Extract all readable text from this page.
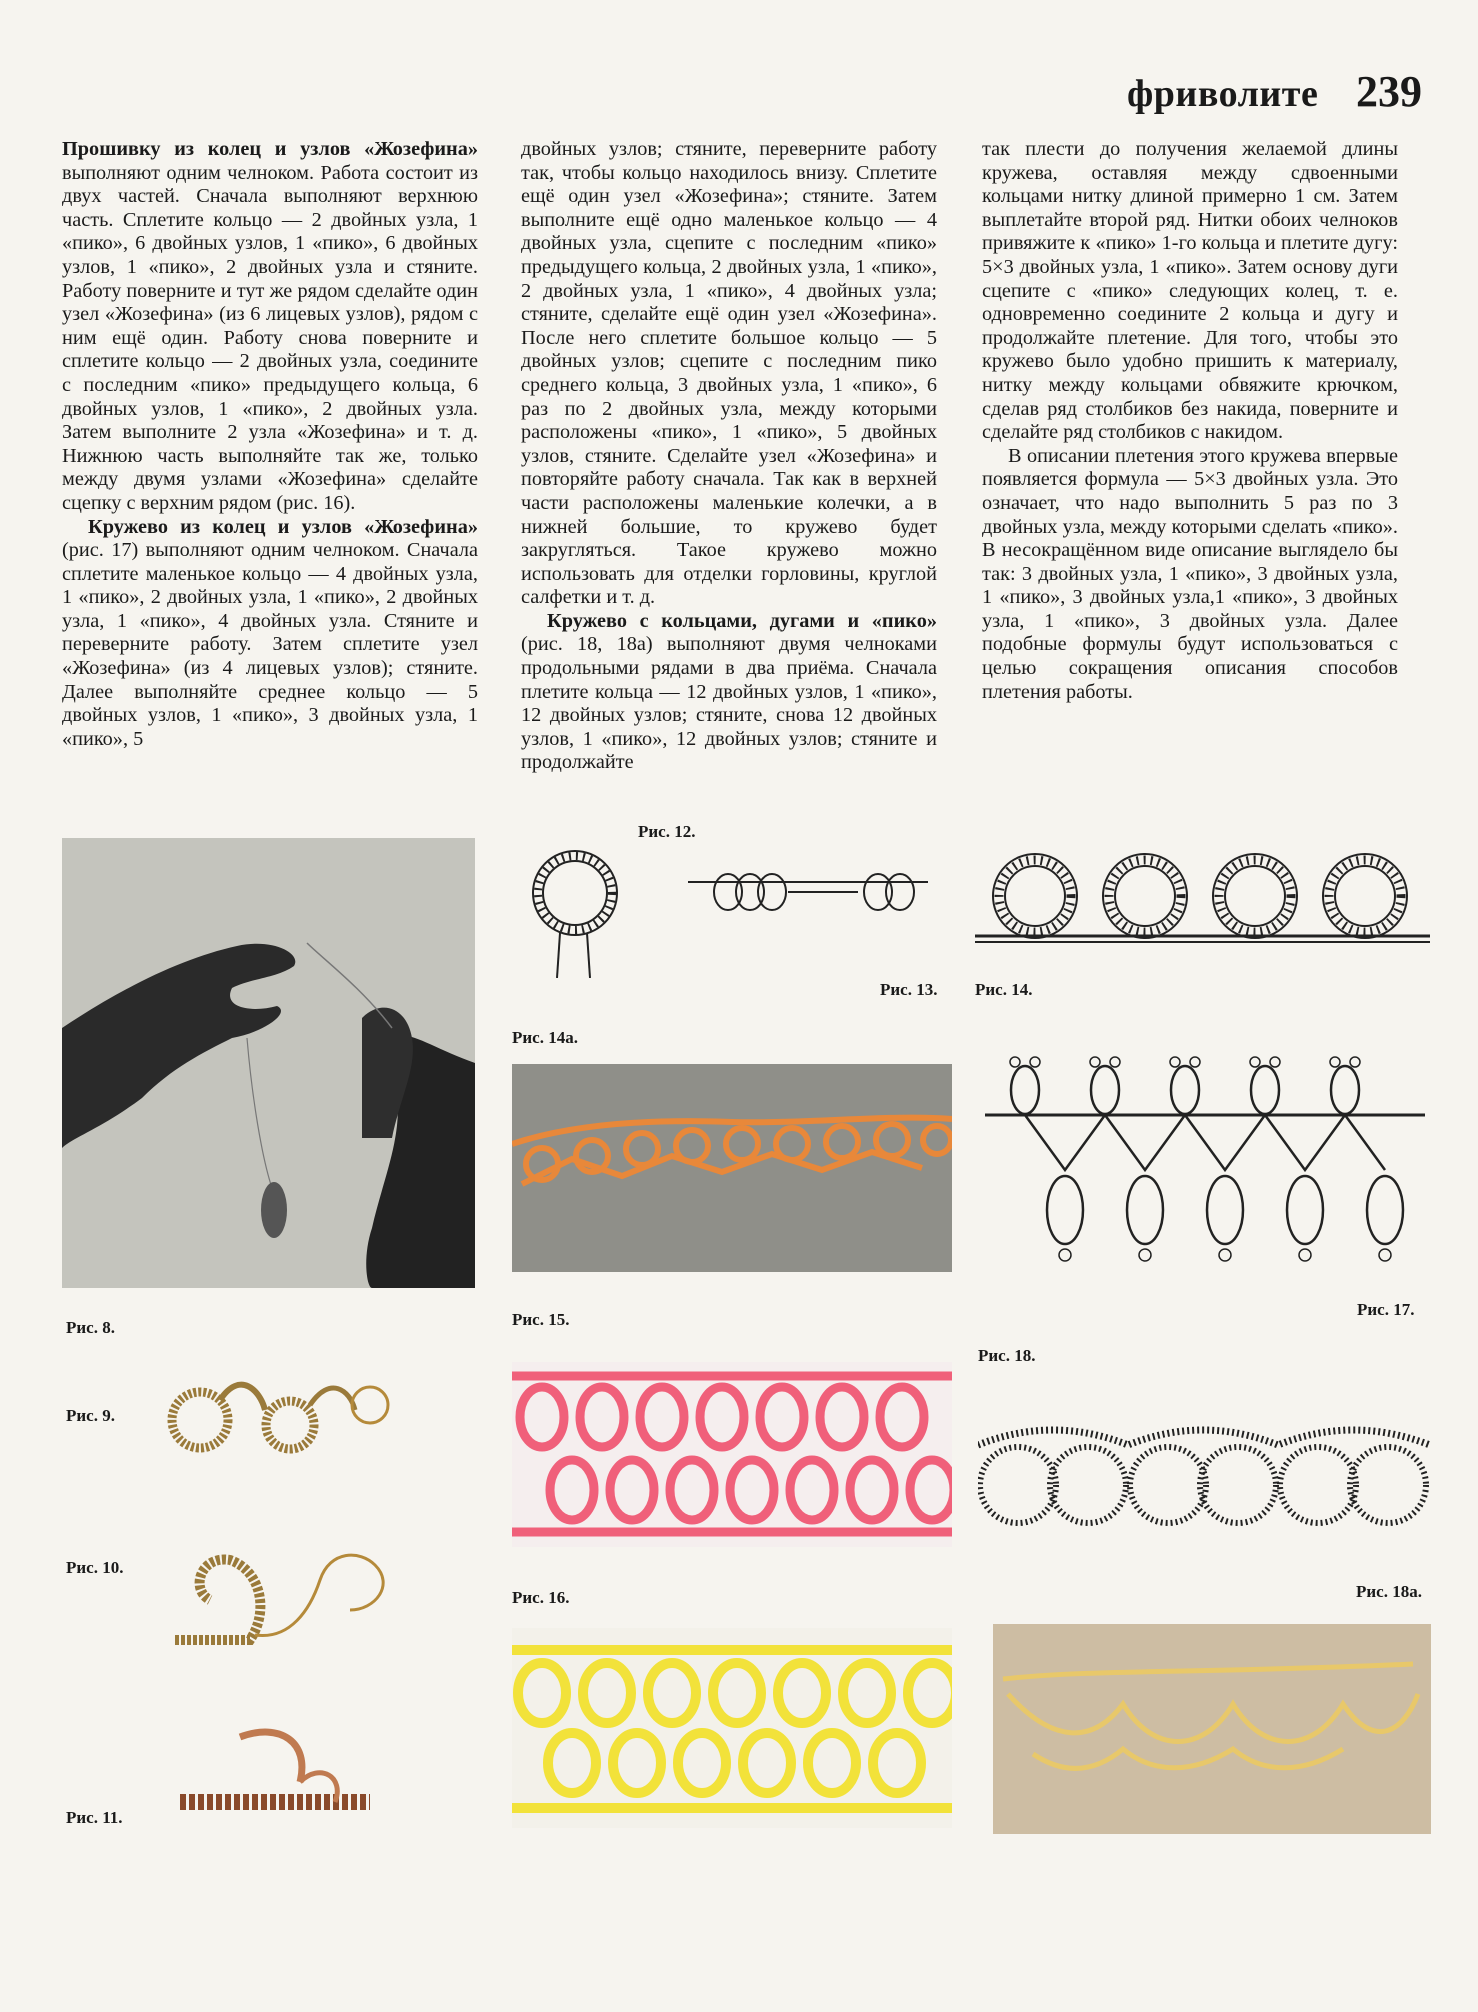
фриволите 239

Прошивку из колец и узлов «Жозефина» выполняют одним челноком. Работа состоит из двух частей. Сначала выполняют верхнюю часть. Сплетите кольцо — 2 двойных узла, 1 «пико», 6 двойных узлов, 1 «пико», 6 двойных узлов, 1 «пико», 2 двойных узла и стяните. Работу поверните и тут же рядом сделайте один узел «Жозефина» (из 6 лицевых узлов), рядом с ним ещё один. Работу снова поверните и сплетите кольцо — 2 двойных узла, соедините с последним «пико» предыдущего кольца, 6 двойных узлов, 1 «пико», 2 двойных узла. Затем выполните 2 узла «Жозефина» и т. д. Нижнюю часть выполняйте так же, только между двумя узлами «Жозефина» сделайте сцепку с верхним рядом (рис. 16).

Кружево из колец и узлов «Жозефина» (рис. 17) выполняют одним челноком. Сначала сплетите маленькое кольцо — 4 двойных узла, 1 «пико», 2 двойных узла, 1 «пико», 2 двойных узла, 1 «пико», 4 двойных узла. Стяните и переверните работу. Затем сплетите узел «Жозефина» (из 4 лицевых узлов); стяните. Далее выполняйте среднее кольцо — 5 двойных узлов, 1 «пико», 3 двойных узла, 1 «пико», 5

двойных узлов; стяните, переверните работу так, чтобы кольцо находилось внизу. Сплетите ещё один узел «Жозефина»; стяните. Затем выполните ещё одно маленькое кольцо — 4 двойных узла, сцепите с последним «пико» предыдущего кольца, 2 двойных узла, 1 «пико», 2 двойных узла, 1 «пико», 4 двойных узла; стяните, сделайте ещё один узел «Жозефина». После него сплетите большое кольцо — 5 двойных узлов; сцепите с последним пико среднего кольца, 3 двойных узла, 1 «пико», 6 раз по 2 двойных узла, между которыми расположены «пико», 1 «пико», 5 двойных узлов, стяните. Сделайте узел «Жозефина» и повторяйте работу сначала. Так как в верхней части расположены маленькие колечки, а в нижней большие, то кружево будет закругляться. Такое кружево можно использовать для отделки горловины, круглой салфетки и т. д.

Кружево с кольцами, дугами и «пико» (рис. 18, 18а) выполняют двумя челноками продольными рядами в два приёма. Сначала плетите кольца — 12 двойных узлов, 1 «пико», 12 двойных узлов; стяните, снова 12 двойных узлов, 1 «пико», 12 двойных узлов; стяните и продолжайте

так плести до получения желаемой длины кружева, оставляя между сдвоенными кольцами нитку длиной примерно 1 см. Затем выплетайте второй ряд. Нитки обоих челноков привяжите к «пико» 1-го кольца и плетите дугу: 5×3 двойных узла, 1 «пико». Затем основу дуги сцепите с «пико» следующих колец, т. е. одновременно соедините 2 кольца и дугу и продолжайте плетение. Для того, чтобы это кружево было удобно пришить к материалу, нитку между кольцами обвяжите крючком, сделав ряд столбиков без накида, поверните и сделайте ряд столбиков с накидом.

В описании плетения этого кружева впервые появляется формула — 5×3 двойных узла. Это означает, что надо выполнить 5 раз по 3 двойных узла, между которыми сделать «пико». В несокращённом виде описание выглядело бы так: 3 двойных узла, 1 «пико», 3 двойных узла, 1 «пико», 3 двойных узла,1 «пико», 3 двойных узла, 1 «пико», 3 двойных узла. Далее подобные формулы будут использоваться с целью сокращения описания способов плетения работы.

Рис. 8.
Рис. 9.
Рис. 10.
Рис. 11.
Рис. 12.
Рис. 13. Рис. 14.
Рис. 14а.
Рис. 15.
Рис. 16.
Рис. 17.
Рис. 18.
Рис. 18а.
